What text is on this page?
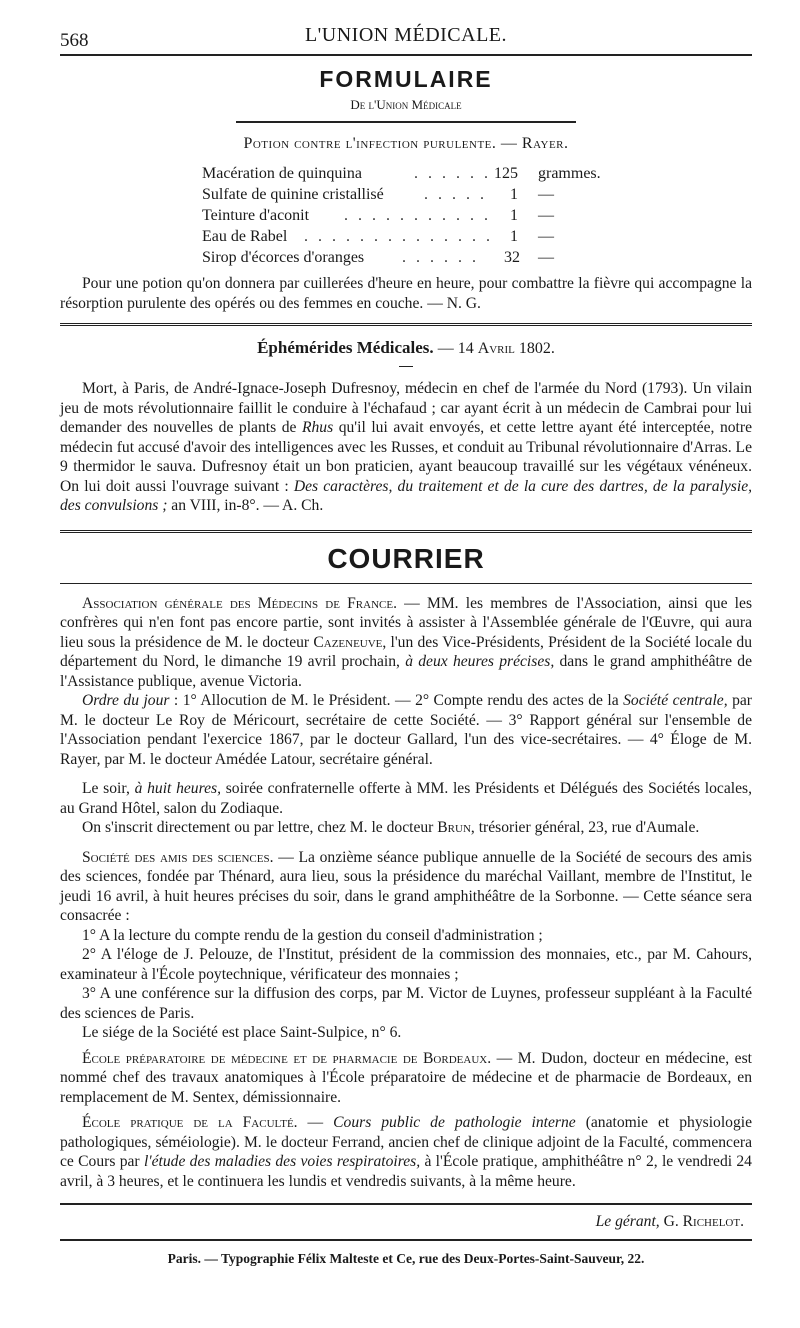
568	L'UNION MÉDICALE.
FORMULAIRE
De l'Union Médicale
Potion contre l'infection purulente. — Rayer.
Macération de quinquina	. . . . . . 125 grammes.
Sulfate de quinine cristallisé	. . . . . 1 —
Teinture d'aconit . . . . . . . . . . . 1 —
Eau de Rabel . . . . . . . . . . . . . . 1 —
Sirop d'écorces d'oranges . . . . . . 32 —

Pour une potion qu'on donnera par cuillerées d'heure en heure, pour combattre la fièvre qui accompagne la résorption purulente des opérés ou des femmes en couche. — N. G.

Éphémérides Médicales. — 14 Avril 1802.

Mort, à Paris, de André-Ignace-Joseph Dufresnoy, médecin en chef de l'armée du Nord (1793). Un vilain jeu de mots révolutionnaire faillit le conduire à l'échafaud ; car ayant écrit à un médecin de Cambrai pour lui demander des nouvelles de plants de Rhus qu'il lui avait envoyés, et cette lettre ayant été interceptée, notre médecin fut accusé d'avoir des intelligences avec les Russes, et conduit au Tribunal révolutionnaire d'Arras. Le 9 thermidor le sauva. Dufresnoy était un bon praticien, ayant beaucoup travaillé sur les végétaux vénéneux. On lui doit aussi l'ouvrage suivant : Des caractères, du traitement et de la cure des dartres, de la paralysie, des convulsions ; an VIII, in-8°. — A. Ch.

COURRIER

Association générale des Médecins de France. — MM. les membres de l'Association, ainsi que les confrères qui n'en font pas encore partie, sont invités à assister à l'Assemblée générale de l'Œuvre, qui aura lieu sous la présidence de M. le docteur Cazeneuve, l'un des Vice-Présidents, Président de la Société locale du département du Nord, le dimanche 19 avril prochain, à deux heures précises, dans le grand amphithéâtre de l'Assistance publique, avenue Victoria.

Ordre du jour : 1° Allocution de M. le Président. — 2° Compte rendu des actes de la Société centrale, par M. le docteur Le Roy de Méricourt, secrétaire de cette Société. — 3° Rapport général sur l'ensemble de l'Association pendant l'exercice 1867, par le docteur Gallard, l'un des vice-secrétaires. — 4° Éloge de M. Rayer, par M. le docteur Amédée Latour, secrétaire général.

Le soir, à huit heures, soirée confraternelle offerte à MM. les Présidents et Délégués des Sociétés locales, au Grand Hôtel, salon du Zodiaque.

On s'inscrit directement ou par lettre, chez M. le docteur Brun, trésorier général, 23, rue d'Aumale.

Société des amis des sciences. — La onzième séance publique annuelle de la Société de secours des amis des sciences, fondée par Thénard, aura lieu, sous la présidence du maréchal Vaillant, membre de l'Institut, le jeudi 16 avril, à huit heures précises du soir, dans le grand amphithéâtre de la Sorbonne. — Cette séance sera consacrée :

1° A la lecture du compte rendu de la gestion du conseil d'administration ;

2° A l'éloge de J. Pelouze, de l'Institut, président de la commission des monnaies, etc., par M. Cahours, examinateur à l'École poytechnique, vérificateur des monnaies ;

3° A une conférence sur la diffusion des corps, par M. Victor de Luynes, professeur suppléant à la Faculté des sciences de Paris.

Le siége de la Société est place Saint-Sulpice, n° 6.

École préparatoire de médecine et de pharmacie de Bordeaux. — M. Dudon, docteur en médecine, est nommé chef des travaux anatomiques à l'École préparatoire de médecine et de pharmacie de Bordeaux, en remplacement de M. Sentex, démissionnaire.

École pratique de la Faculté. — Cours public de pathologie interne (anatomie et physiologie pathologiques, séméiologie). M. le docteur Ferrand, ancien chef de clinique adjoint de la Faculté, commencera ce Cours par l'étude des maladies des voies respiratoires, à l'École pratique, amphithéâtre n° 2, le vendredi 24 avril, à 3 heures, et le continuera les lundis et vendredis suivants, à la même heure.

Le gérant, G. Richelot.
Paris. — Typographie Félix Malteste et Ce, rue des Deux-Portes-Saint-Sauveur, 22.
